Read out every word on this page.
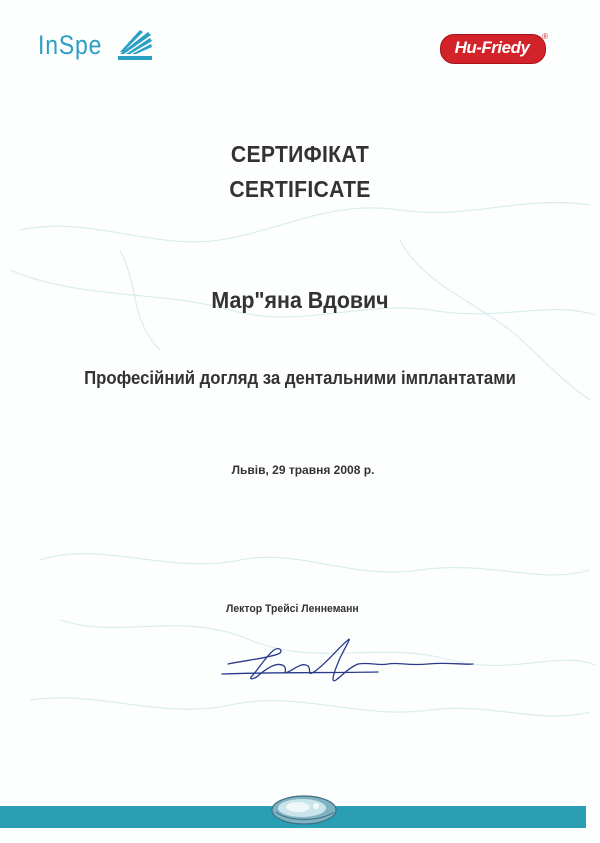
InSpe	Hu-Friedy
®
СЕРТИФІКАТ
CERTIFICATE
Мар"яна Вдович
Професійний догляд за дентальними імплантатами
Львів, 29 травня 2008 р.
Лектор Трейсі Леннеманн
